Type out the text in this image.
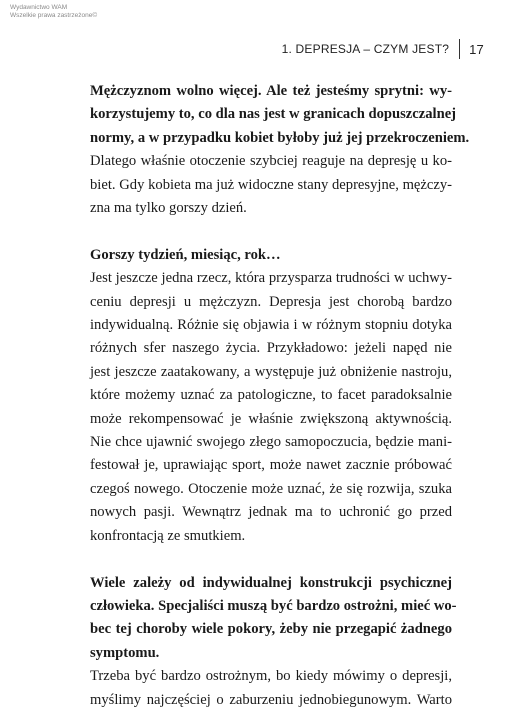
Wydawnictwo WAM
Wszelkie prawa zastrzeżone©
1. DEPRESJA – CZYM JEST? 17
Mężczyznom wolno więcej. Ale też jesteśmy sprytni: wy-
korzystujemy to, co dla nas jest w granicach dopuszczalnej
normy, a w przypadku kobiet byłoby już jej przekroczeniem.
Dlatego właśnie otoczenie szybciej reaguje na depresję u ko-
biet. Gdy kobieta ma już widoczne stany depresyjne, mężczy-
zna ma tylko gorszy dzień.
Gorszy tydzień, miesiąc, rok…
Jest jeszcze jedna rzecz, która przysparza trudności w uchwy-
ceniu depresji u mężczyzn. Depresja jest chorobą bardzo
indywidualną. Różnie się objawia i w różnym stopniu dotyka
różnych sfer naszego życia. Przykładowo: jeżeli napęd nie
jest jeszcze zaatakowany, a występuje już obniżenie nastroju,
które możemy uznać za patologiczne, to facet paradoksalnie
może rekompensować je właśnie zwiększoną aktywnością.
Nie chce ujawnić swojego złego samopoczucia, będzie mani-
festował je, uprawiając sport, może nawet zacznie próbować
czegoś nowego. Otoczenie może uznać, że się rozwija, szuka
nowych pasji. Wewnątrz jednak ma to uchronić go przed
konfrontacją ze smutkiem.
Wiele zależy od indywidualnej konstrukcji psychicznej
człowieka. Specjaliści muszą być bardzo ostrożni, mieć wo-
bec tej choroby wiele pokory, żeby nie przegapić żadnego
symptomu.
Trzeba być bardzo ostrożnym, bo kiedy mówimy o depresji,
myślimy najczęściej o zaburzeniu jednobiegunowym. Warto
